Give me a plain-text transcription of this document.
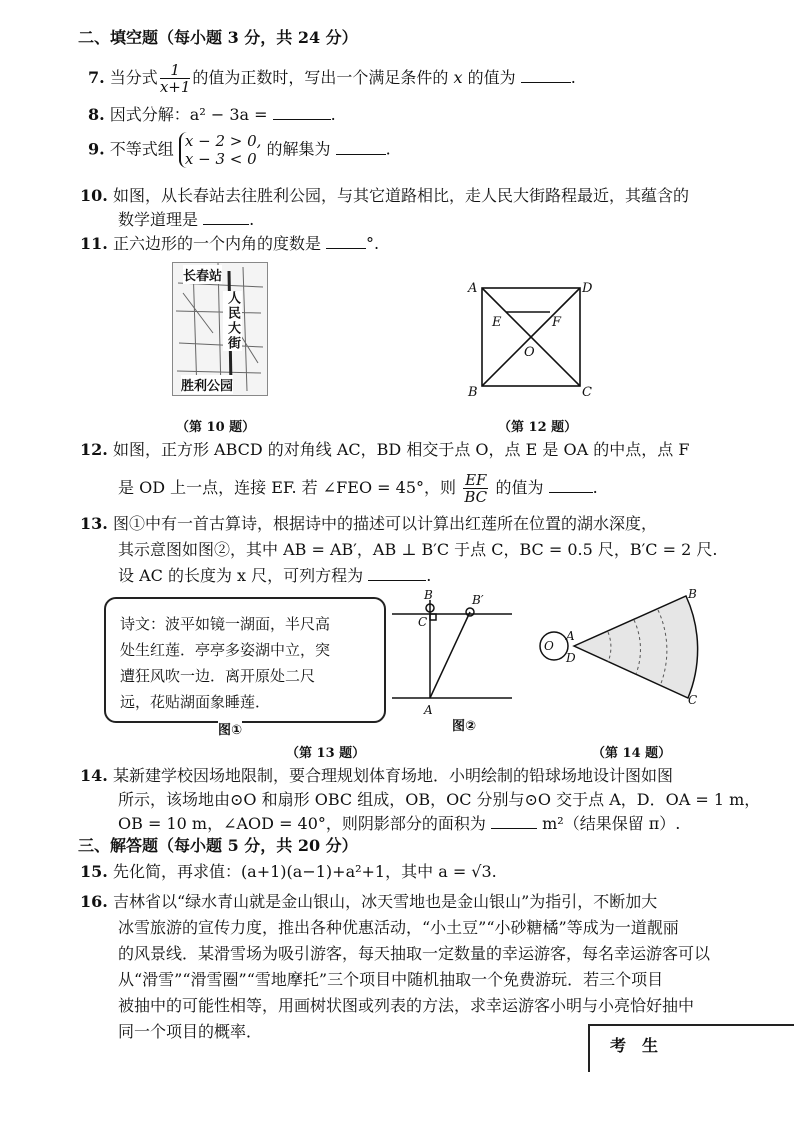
二、填空题（每小题 3 分，共 24 分）
7. 当分式 $\frac{1}{x+1}$ 的值为正数时，写出一个满足条件的 x 的值为	.
8. 因式分解：a² − 3a =	.
9. 不等式组 x − 2 > 0,
x − 3 < 0
的解集为	.
10. 如图，从长春站去往胜利公园，与其它道路相比，走人民大街路程最近，其蕴含的
数学道理是	.
11. 正六边形的一个内角的度数是	°.
长春站
人民大街
胜利公园
（第 10 题）
A	D
B	C
E	F
O
（第 12 题）
12. 如图，正方形 ABCD 的对角线 AC，BD 相交于点 O，点 E 是 OA 的中点，点 F
是 OD 上一点，连接 EF. 若 ∠FEO = 45°，则 $\frac{EF}{BC}$ 的值为	.
13. 图①中有一首古算诗，根据诗中的描述可以计算出红莲所在位置的湖水深度，
其示意图如图②，其中 AB = AB′，AB ⊥ B′C 于点 C，BC = 0.5 尺，B′C = 2 尺.
设 AC 的长度为 x 尺，可列方程为	.
诗文：波平如镜一湖面，半尺高
处生红莲．亭亭多姿湖中立，突
遭狂风吹一边．离开原处二尺
远，花贴湖面象睡莲．
图①
B	B′
C
A
图②
（第 13 题）
O
A
D
B
C
（第 14 题）
14. 某新建学校因场地限制，要合理规划体育场地．小明绘制的铅球场地设计图如图
所示，该场地由⊙O 和扇形 OBC 组成，OB，OC 分别与⊙O 交于点 A，D．OA = 1 m，
OB = 10 m，∠AOD = 40°，则阴影部分的面积为	m²（结果保留 π）.
三、解答题（每小题 5 分，共 20 分）
15. 先化简，再求值：(a+1)(a−1)+a²+1，其中 a = √3.
16. 吉林省以“绿水青山就是金山银山，冰天雪地也是金山银山”为指引，不断加大
冰雪旅游的宣传力度，推出各种优惠活动，“小土豆”“小砂糖橘”等成为一道靓丽
的风景线．某滑雪场为吸引游客，每天抽取一定数量的幸运游客，每名幸运游客可以
从“滑雪”“滑雪圈”“雪地摩托”三个项目中随机抽取一个免费游玩．若三个项目
被抽中的可能性相等，用画树状图或列表的方法，求幸运游客小明与小亮恰好抽中
同一个项目的概率．
考　生
